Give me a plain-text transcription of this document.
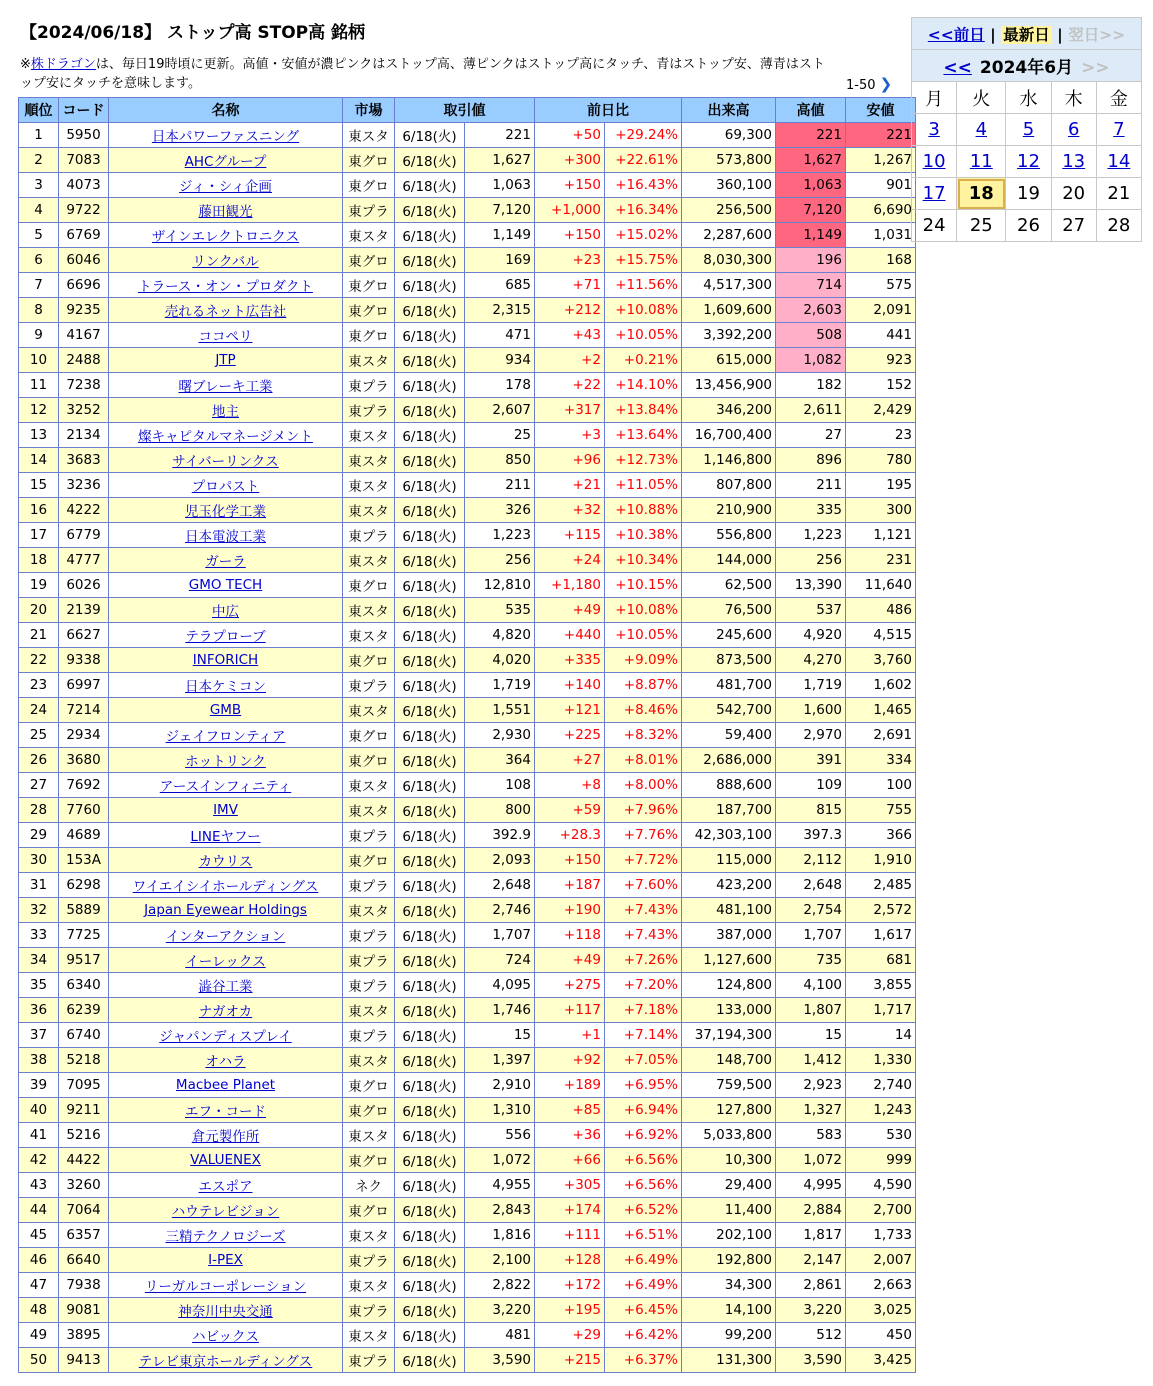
【2024/06/18】 ストップ高 STOP高 銘柄
※株ドラゴンは、毎日19時頃に更新。高値・安値が濃ピンクはストップ高、薄ピンクはストップ高にタッチ、青はストップ安、薄青はストップ安にタッチを意味します。	1-50 ❯
順位	コード	名称	市場	取引値		前日比		出来高	高値	安値
1	5950	日本パワーファスニング	東スタ	6/18(火)	221	+50	+29.24%	69,300	221	221
2	7083	AHCグループ	東グロ	6/18(火)	1,627	+300	+22.61%	573,800	1,627	1,267
3	4073	ジィ・シィ企画	東グロ	6/18(火)	1,063	+150	+16.43%	360,100	1,063	901
4	9722	藤田観光	東プラ	6/18(火)	7,120	+1,000	+16.34%	256,500	7,120	6,690
5	6769	ザインエレクトロニクス	東スタ	6/18(火)	1,149	+150	+15.02%	2,287,600	1,149	1,031
6	6046	リンクバル	東グロ	6/18(火)	169	+23	+15.75%	8,030,300	196	168
7	6696	トラース・オン・プロダクト	東グロ	6/18(火)	685	+71	+11.56%	4,517,300	714	575
8	9235	売れるネット広告社	東グロ	6/18(火)	2,315	+212	+10.08%	1,609,600	2,603	2,091
9	4167	ココペリ	東グロ	6/18(火)	471	+43	+10.05%	3,392,200	508	441
10	2488	JTP	東スタ	6/18(火)	934	+2	+0.21%	615,000	1,082	923
11	7238	曙ブレーキ工業	東プラ	6/18(火)	178	+22	+14.10%	13,456,900	182	152
12	3252	地主	東プラ	6/18(火)	2,607	+317	+13.84%	346,200	2,611	2,429
13	2134	燦キャピタルマネージメント	東スタ	6/18(火)	25	+3	+13.64%	16,700,400	27	23
14	3683	サイバーリンクス	東スタ	6/18(火)	850	+96	+12.73%	1,146,800	896	780
15	3236	プロパスト	東スタ	6/18(火)	211	+21	+11.05%	807,800	211	195
16	4222	児玉化学工業	東スタ	6/18(火)	326	+32	+10.88%	210,900	335	300
17	6779	日本電波工業	東プラ	6/18(火)	1,223	+115	+10.38%	556,800	1,223	1,121
18	4777	ガーラ	東スタ	6/18(火)	256	+24	+10.34%	144,000	256	231
19	6026	GMO TECH	東グロ	6/18(火)	12,810	+1,180	+10.15%	62,500	13,390	11,640
20	2139	中広	東スタ	6/18(火)	535	+49	+10.08%	76,500	537	486
21	6627	テラプローブ	東スタ	6/18(火)	4,820	+440	+10.05%	245,600	4,920	4,515
22	9338	INFORICH	東グロ	6/18(火)	4,020	+335	+9.09%	873,500	4,270	3,760
23	6997	日本ケミコン	東プラ	6/18(火)	1,719	+140	+8.87%	481,700	1,719	1,602
24	7214	GMB	東スタ	6/18(火)	1,551	+121	+8.46%	542,700	1,600	1,465
25	2934	ジェイフロンティア	東グロ	6/18(火)	2,930	+225	+8.32%	59,400	2,970	2,691
26	3680	ホットリンク	東グロ	6/18(火)	364	+27	+8.01%	2,686,000	391	334
27	7692	アースインフィニティ	東スタ	6/18(火)	108	+8	+8.00%	888,600	109	100
28	7760	IMV	東スタ	6/18(火)	800	+59	+7.96%	187,700	815	755
29	4689	LINEヤフー	東プラ	6/18(火)	392.9	+28.3	+7.76%	42,303,100	397.3	366
30	153A	カウリス	東グロ	6/18(火)	2,093	+150	+7.72%	115,000	2,112	1,910
31	6298	ワイエイシイホールディングス	東プラ	6/18(火)	2,648	+187	+7.60%	423,200	2,648	2,485
32	5889	Japan Eyewear Holdings	東スタ	6/18(火)	2,746	+190	+7.43%	481,100	2,754	2,572
33	7725	インターアクション	東プラ	6/18(火)	1,707	+118	+7.43%	387,000	1,707	1,617
34	9517	イーレックス	東プラ	6/18(火)	724	+49	+7.26%	1,127,600	735	681
35	6340	澁谷工業	東プラ	6/18(火)	4,095	+275	+7.20%	124,800	4,100	3,855
36	6239	ナガオカ	東スタ	6/18(火)	1,746	+117	+7.18%	133,000	1,807	1,717
37	6740	ジャパンディスプレイ	東プラ	6/18(火)	15	+1	+7.14%	37,194,300	15	14
38	5218	オハラ	東スタ	6/18(火)	1,397	+92	+7.05%	148,700	1,412	1,330
39	7095	Macbee Planet	東グロ	6/18(火)	2,910	+189	+6.95%	759,500	2,923	2,740
40	9211	エフ・コード	東グロ	6/18(火)	1,310	+85	+6.94%	127,800	1,327	1,243
41	5216	倉元製作所	東スタ	6/18(火)	556	+36	+6.92%	5,033,800	583	530
42	4422	VALUENEX	東グロ	6/18(火)	1,072	+66	+6.56%	10,300	1,072	999
43	3260	エスポア	ネク	6/18(火)	4,955	+305	+6.56%	29,400	4,995	4,590
44	7064	ハウテレビジョン	東グロ	6/18(火)	2,843	+174	+6.52%	11,400	2,884	2,700
45	6357	三精テクノロジーズ	東スタ	6/18(火)	1,816	+111	+6.51%	202,100	1,817	1,733
46	6640	I-PEX	東プラ	6/18(火)	2,100	+128	+6.49%	192,800	2,147	2,007
47	7938	リーガルコーポレーション	東スタ	6/18(火)	2,822	+172	+6.49%	34,300	2,861	2,663
48	9081	神奈川中央交通	東プラ	6/18(火)	3,220	+195	+6.45%	14,100	3,220	3,025
49	3895	ハビックス	東スタ	6/18(火)	481	+29	+6.42%	99,200	512	450
50	9413	テレビ東京ホールディングス	東プラ	6/18(火)	3,590	+215	+6.37%	131,300	3,590	3,425
<<前日 | 最新日 | 翌日>>				
<< 2024年6月 >>				
月	火	水	木	金
3	4	5	6	7
10	11	12	13	14
17	18	19	20	21
24	25	26	27	28
